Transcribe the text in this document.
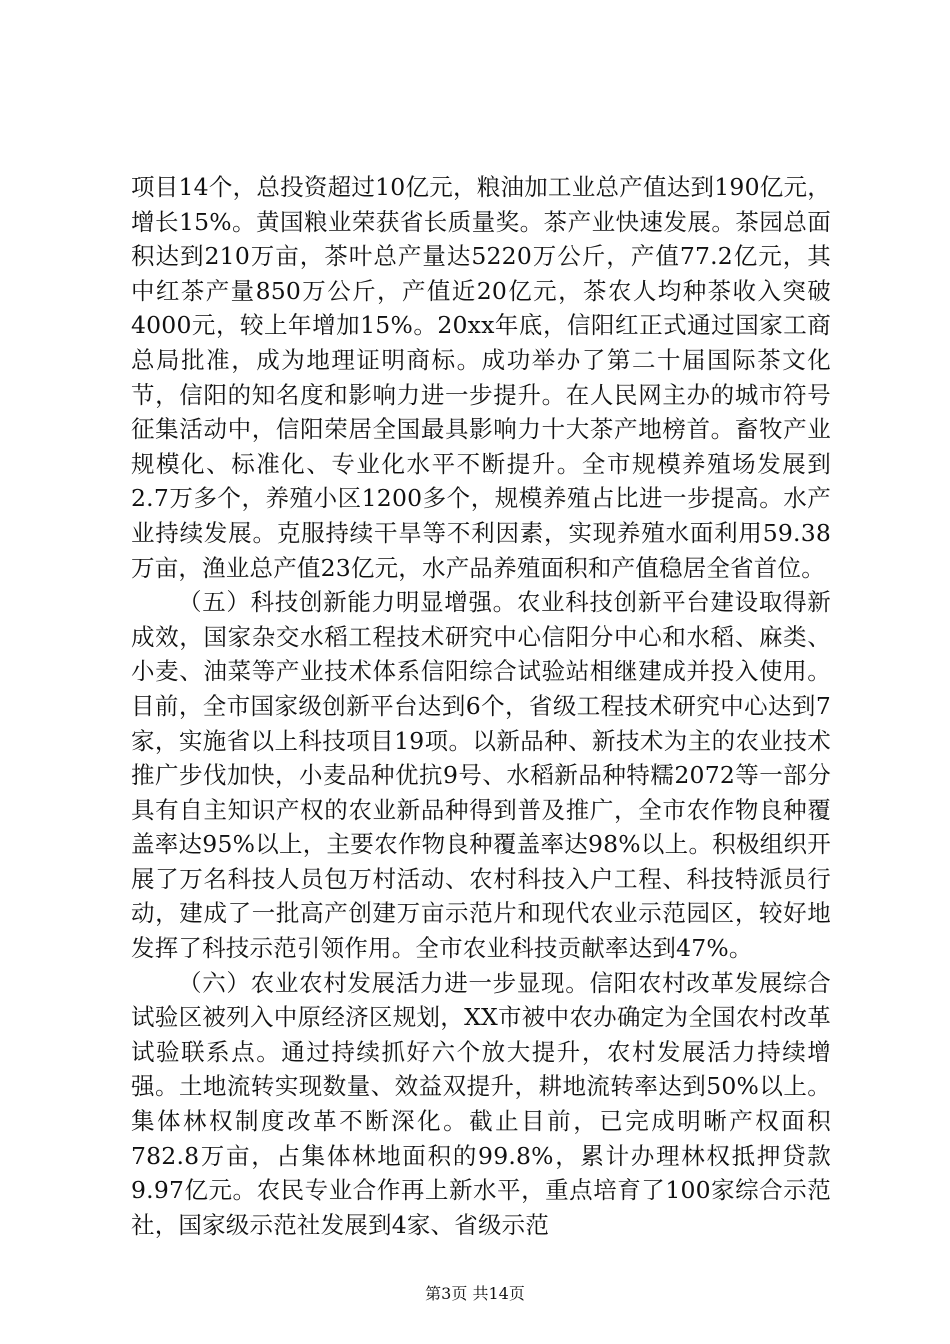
项目14个，总投资超过10亿元，粮油加工业总产值达到190亿元，增长15%。黄国粮业荣获省长质量奖。茶产业快速发展。茶园总面积达到210万亩，茶叶总产量达5220万公斤，产值77.2亿元，其中红茶产量850万公斤，产值近20亿元，茶农人均种茶收入突破4000元，较上年增加15%。20xx年底，信阳红正式通过国家工商总局批准，成为地理证明商标。成功举办了第二十届国际茶文化节，信阳的知名度和影响力进一步提升。在人民网主办的城市符号征集活动中，信阳荣居全国最具影响力十大茶产地榜首。畜牧产业规模化、标准化、专业化水平不断提升。全市规模养殖场发展到2.7万多个，养殖小区1200多个，规模养殖占比进一步提高。水产业持续发展。克服持续干旱等不利因素，实现养殖水面利用59.38万亩，渔业总产值23亿元，水产品养殖面积和产值稳居全省首位。

（五）科技创新能力明显增强。农业科技创新平台建设取得新成效，国家杂交水稻工程技术研究中心信阳分中心和水稻、麻类、小麦、油菜等产业技术体系信阳综合试验站相继建成并投入使用。目前，全市国家级创新平台达到6个，省级工程技术研究中心达到7家，实施省以上科技项目19项。以新品种、新技术为主的农业技术推广步伐加快，小麦品种优抗9号、水稻新品种特糯2072等一部分具有自主知识产权的农业新品种得到普及推广，全市农作物良种覆盖率达95%以上，主要农作物良种覆盖率达98%以上。积极组织开展了万名科技人员包万村活动、农村科技入户工程、科技特派员行动，建成了一批高产创建万亩示范片和现代农业示范园区，较好地发挥了科技示范引领作用。全市农业科技贡献率达到47%。

（六）农业农村发展活力进一步显现。信阳农村改革发展综合试验区被列入中原经济区规划，XX市被中农办确定为全国农村改革试验联系点。通过持续抓好六个放大提升，农村发展活力持续增强。土地流转实现数量、效益双提升，耕地流转率达到50%以上。集体林权制度改革不断深化。截止目前，已完成明晰产权面积782.8万亩，占集体林地面积的99.8%，累计办理林权抵押贷款9.97亿元。农民专业合作再上新水平，重点培育了100家综合示范社，国家级示范社发展到4家、省级示范

第3页 共14页
